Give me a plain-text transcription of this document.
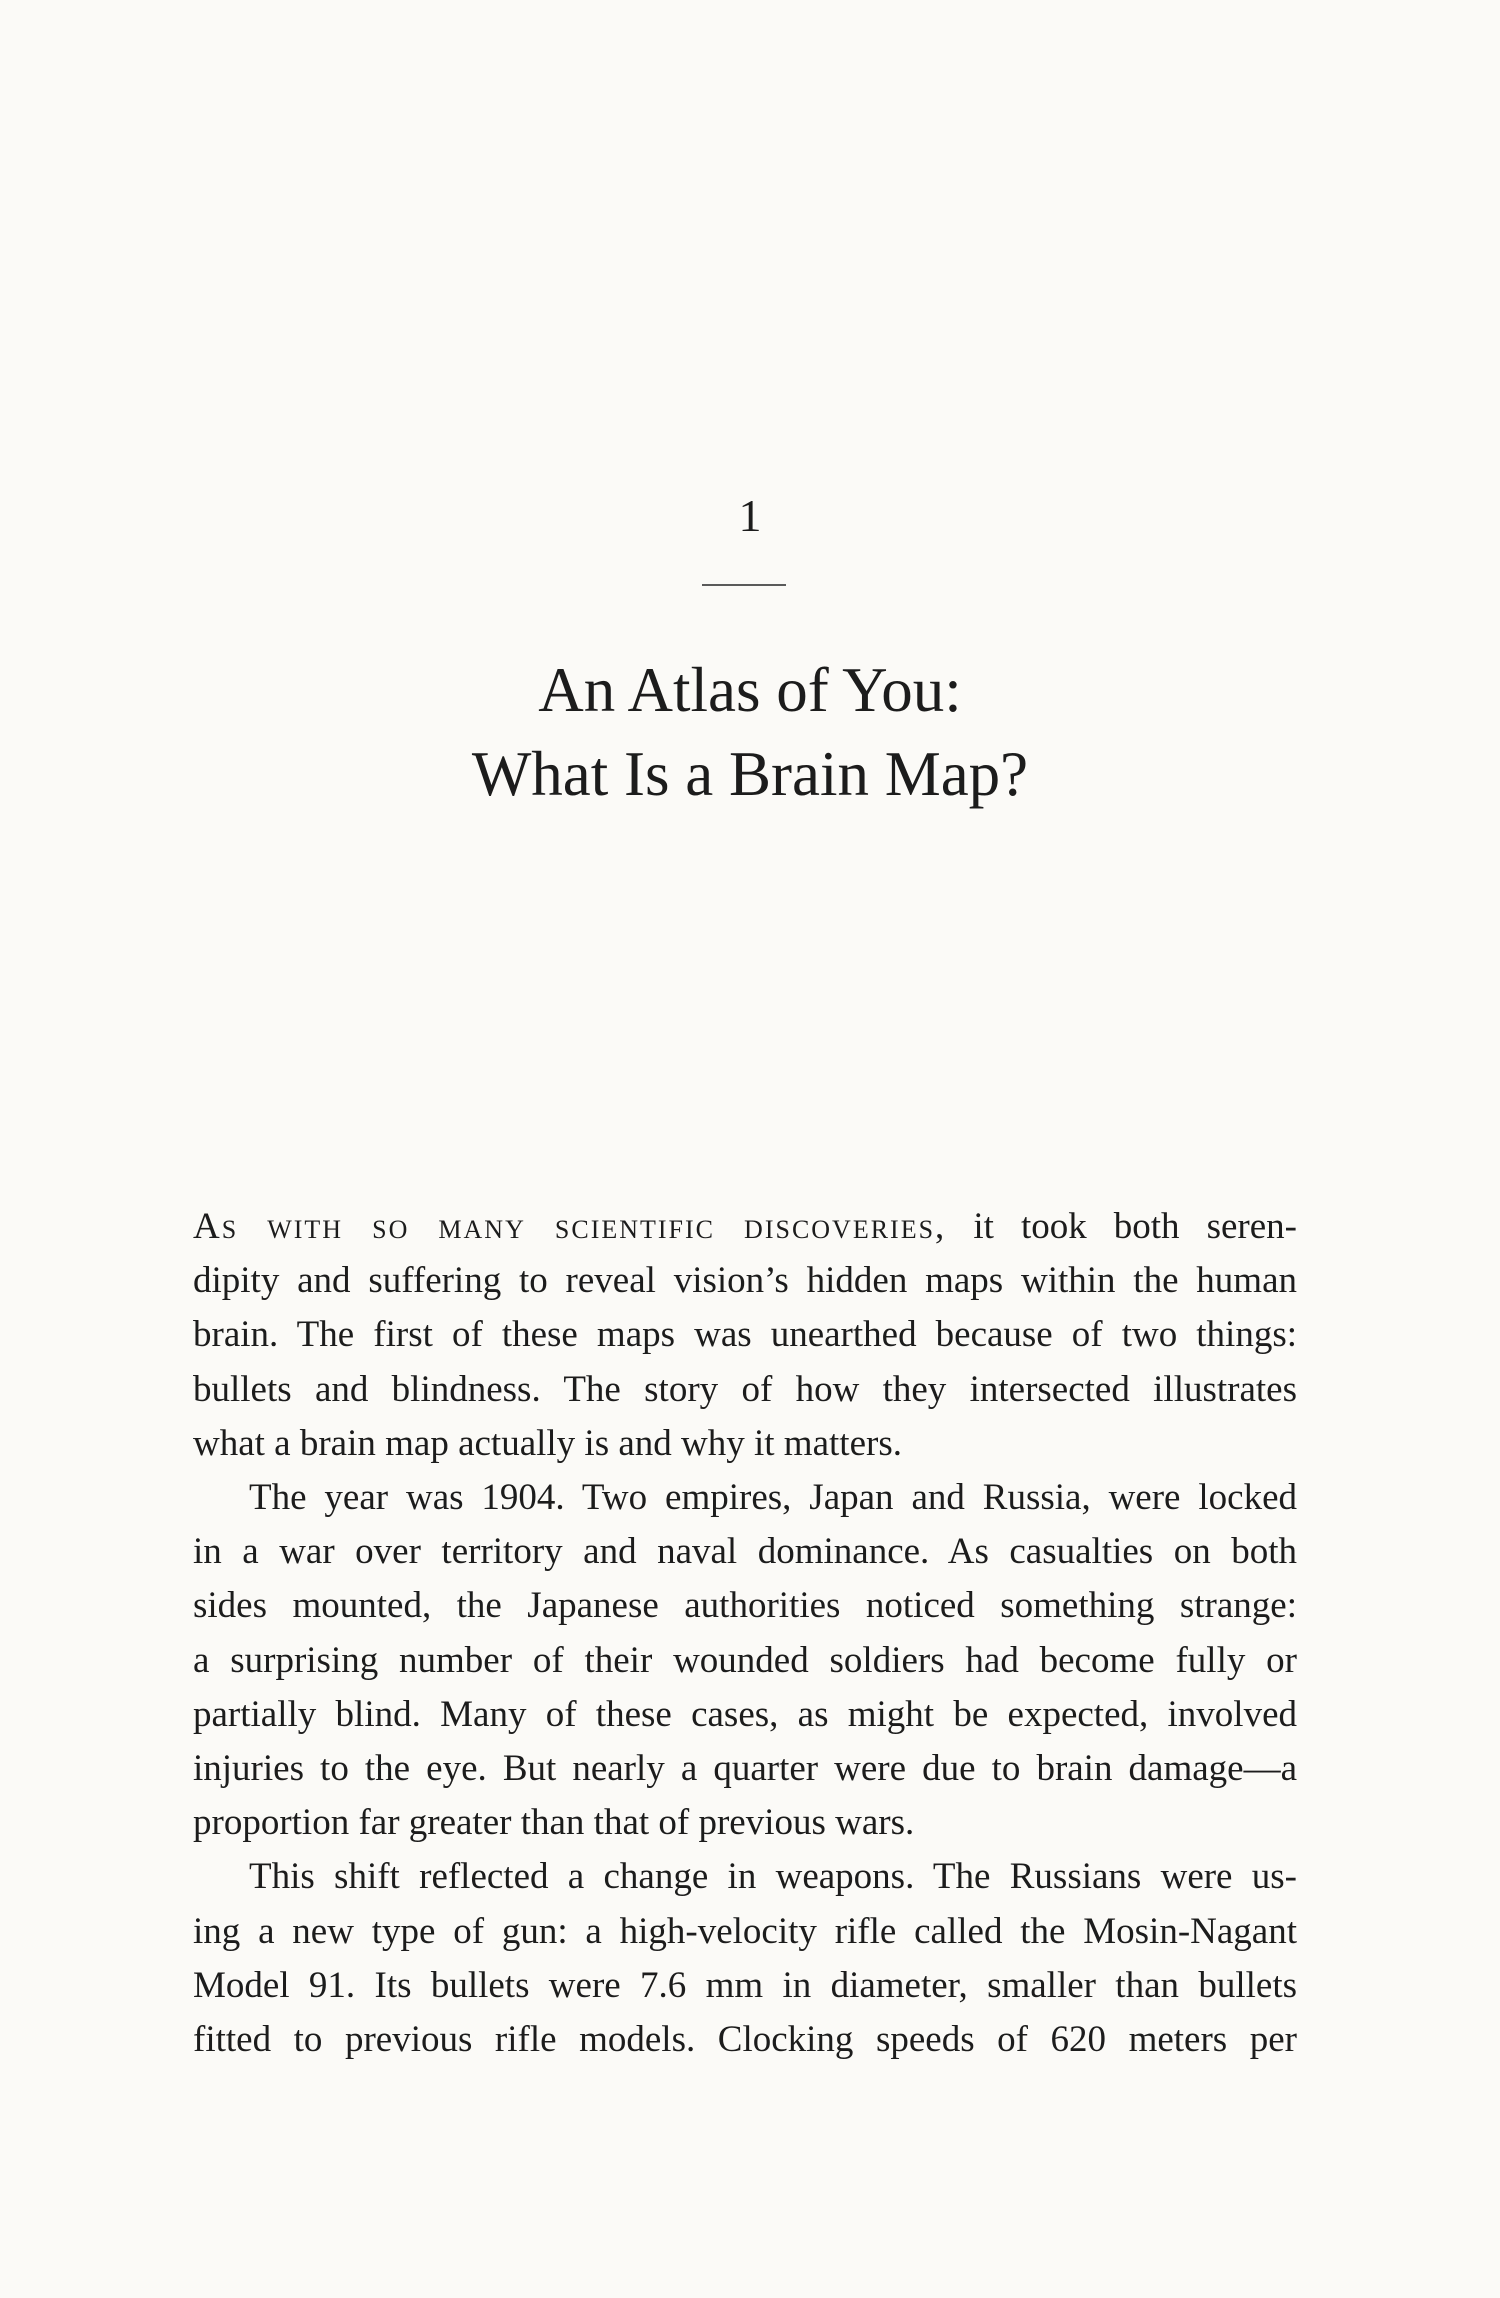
1
An Atlas of You:
What Is a Brain Map?
As with so many scientific discoveries, it took both seren-
dipity and suffering to reveal vision’s hidden maps within the human
brain. The first of these maps was unearthed because of two things:
bullets and blindness. The story of how they intersected illustrates
what a brain map actually is and why it matters.
The year was 1904. Two empires, Japan and Russia, were locked
in a war over territory and naval dominance. As casualties on both
sides mounted, the Japanese authorities noticed something strange:
a surprising number of their wounded soldiers had become fully or
partially blind. Many of these cases, as might be expected, involved
injuries to the eye. But nearly a quarter were due to brain damage—a
proportion far greater than that of previous wars.
This shift reflected a change in weapons. The Russians were us-
ing a new type of gun: a high-velocity rifle called the Mosin-Nagant
Model 91. Its bullets were 7.6 mm in diameter, smaller than bullets
fitted to previous rifle models. Clocking speeds of 620 meters per
